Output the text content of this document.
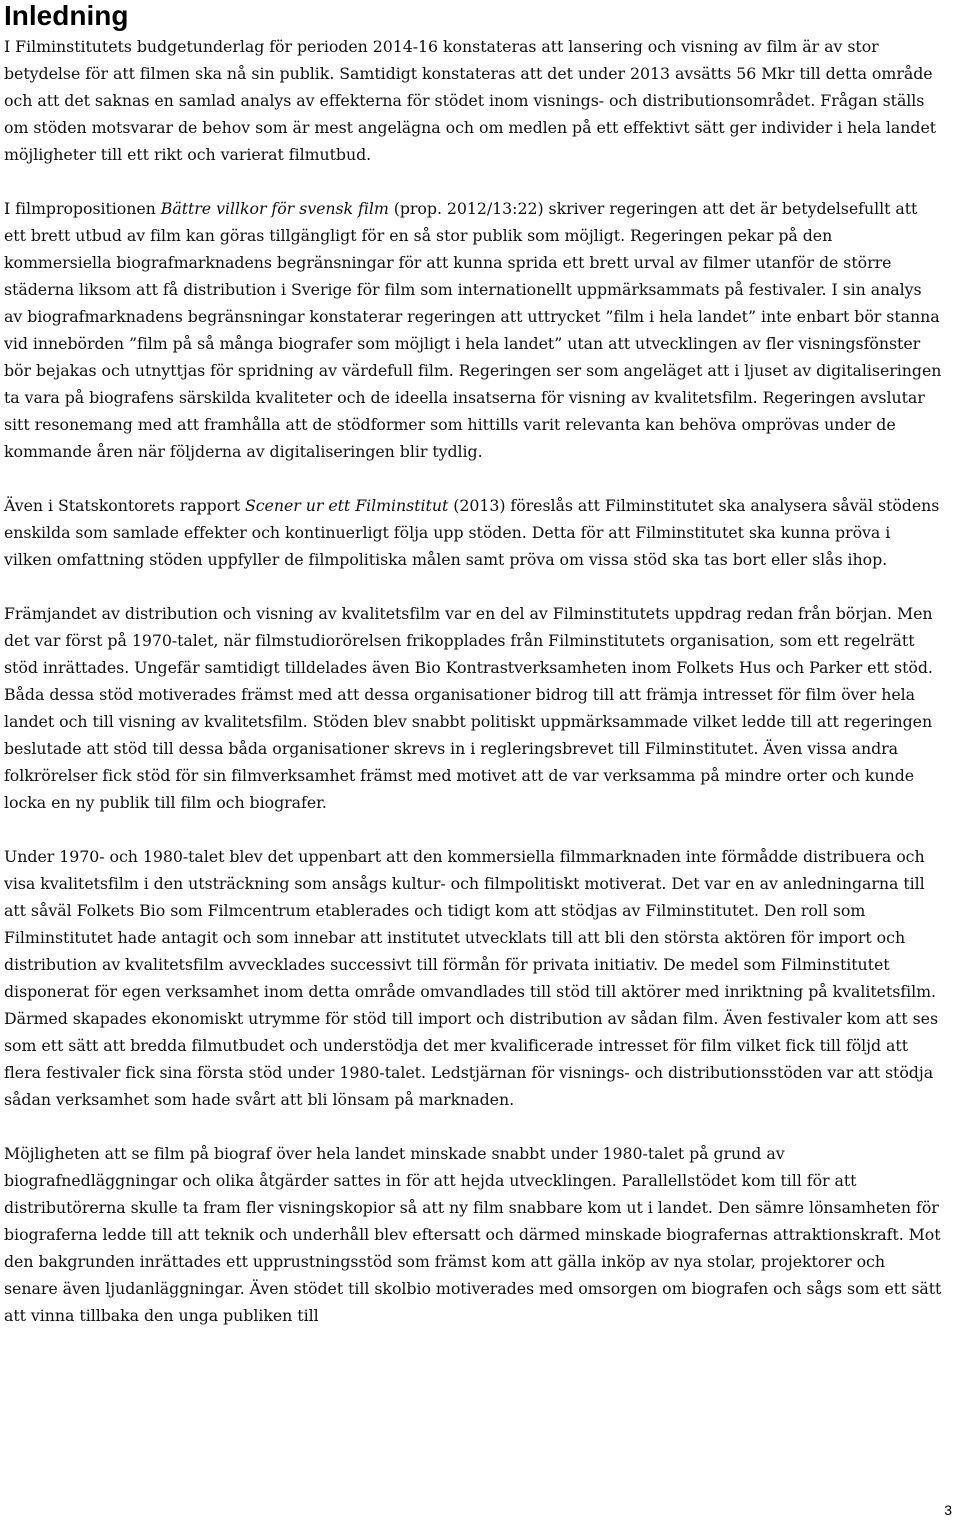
Inledning

I Filminstitutets budgetunderlag för perioden 2014-16 konstateras att lansering och visning av film är av stor betydelse för att filmen ska nå sin publik. Samtidigt konstateras att det under 2013 avsätts 56 Mkr till detta område och att det saknas en samlad analys av effekterna för stödet inom visnings- och distributionsområdet. Frågan ställs om stöden motsvarar de behov som är mest angelägna och om medlen på ett effektivt sätt ger individer i hela landet möjligheter till ett rikt och varierat filmutbud.

I filmpropositionen Bättre villkor för svensk film (prop. 2012/13:22) skriver regeringen att det är betydelsefullt att ett brett utbud av film kan göras tillgängligt för en så stor publik som möjligt. Regeringen pekar på den kommersiella biografmarknadens begränsningar för att kunna sprida ett brett urval av filmer utanför de större städerna liksom att få distribution i Sverige för film som internationellt uppmärksammats på festivaler. I sin analys av biografmarknadens begränsningar konstaterar regeringen att uttrycket ”film i hela landet” inte enbart bör stanna vid innebörden ”film på så många biografer som möjligt i hela landet” utan att utvecklingen av fler visningsfönster bör bejakas och utnyttjas för spridning av värdefull film. Regeringen ser som angeläget att i ljuset av digitaliseringen ta vara på biografens särskilda kvaliteter och de ideella insatserna för visning av kvalitetsfilm. Regeringen avslutar sitt resonemang med att framhålla att de stödformer som hittills varit relevanta kan behöva omprövas under de kommande åren när följderna av digitaliseringen blir tydlig.

Även i Statskontorets rapport Scener ur ett Filminstitut (2013) föreslås att Filminstitutet ska analysera såväl stödens enskilda som samlade effekter och kontinuerligt följa upp stöden. Detta för att Filminstitutet ska kunna pröva i vilken omfattning stöden uppfyller de filmpolitiska målen samt pröva om vissa stöd ska tas bort eller slås ihop.

Främjandet av distribution och visning av kvalitetsfilm var en del av Filminstitutets uppdrag redan från början. Men det var först på 1970-talet, när filmstudiorörelsen frikopplades från Filminstitutets organisation, som ett regelrätt stöd inrättades. Ungefär samtidigt tilldelades även Bio Kontrastverksamheten inom Folkets Hus och Parker ett stöd. Båda dessa stöd motiverades främst med att dessa organisationer bidrog till att främja intresset för film över hela landet och till visning av kvalitetsfilm. Stöden blev snabbt politiskt uppmärksammade vilket ledde till att regeringen beslutade att stöd till dessa båda organisationer skrevs in i regleringsbrevet till Filminstitutet. Även vissa andra folkrörelser fick stöd för sin filmverksamhet främst med motivet att de var verksamma på mindre orter och kunde locka en ny publik till film och biografer.

Under 1970- och 1980-talet blev det uppenbart att den kommersiella filmmarknaden inte förmådde distribuera och visa kvalitetsfilm i den utsträckning som ansågs kultur- och filmpolitiskt motiverat. Det var en av anledningarna till att såväl Folkets Bio som Filmcentrum etablerades och tidigt kom att stödjas av Filminstitutet. Den roll som Filminstitutet hade antagit och som innebar att institutet utvecklats till att bli den största aktören för import och distribution av kvalitetsfilm avvecklades successivt till förmån för privata initiativ. De medel som Filminstitutet disponerat för egen verksamhet inom detta område omvandlades till stöd till aktörer med inriktning på kvalitetsfilm. Därmed skapades ekonomiskt utrymme för stöd till import och distribution av sådan film. Även festivaler kom att ses som ett sätt att bredda filmutbudet och understödja det mer kvalificerade intresset för film vilket fick till följd att flera festivaler fick sina första stöd under 1980-talet. Ledstjärnan för visnings- och distributionsstöden var att stödja sådan verksamhet som hade svårt att bli lönsam på marknaden.

Möjligheten att se film på biograf över hela landet minskade snabbt under 1980-talet på grund av biografnedläggningar och olika åtgärder sattes in för att hejda utvecklingen. Parallellstödet kom till för att distributörerna skulle ta fram fler visningskopior så att ny film snabbare kom ut i landet. Den sämre lönsamheten för biograferna ledde till att teknik och underhåll blev eftersatt och därmed minskade biografernas attraktionskraft. Mot den bakgrunden inrättades ett upprustningsstöd som främst kom att gälla inköp av nya stolar, projektorer och senare även ljudanläggningar. Även stödet till skolbio motiverades med omsorgen om biografen och sågs som ett sätt att vinna tillbaka den unga publiken till

3
